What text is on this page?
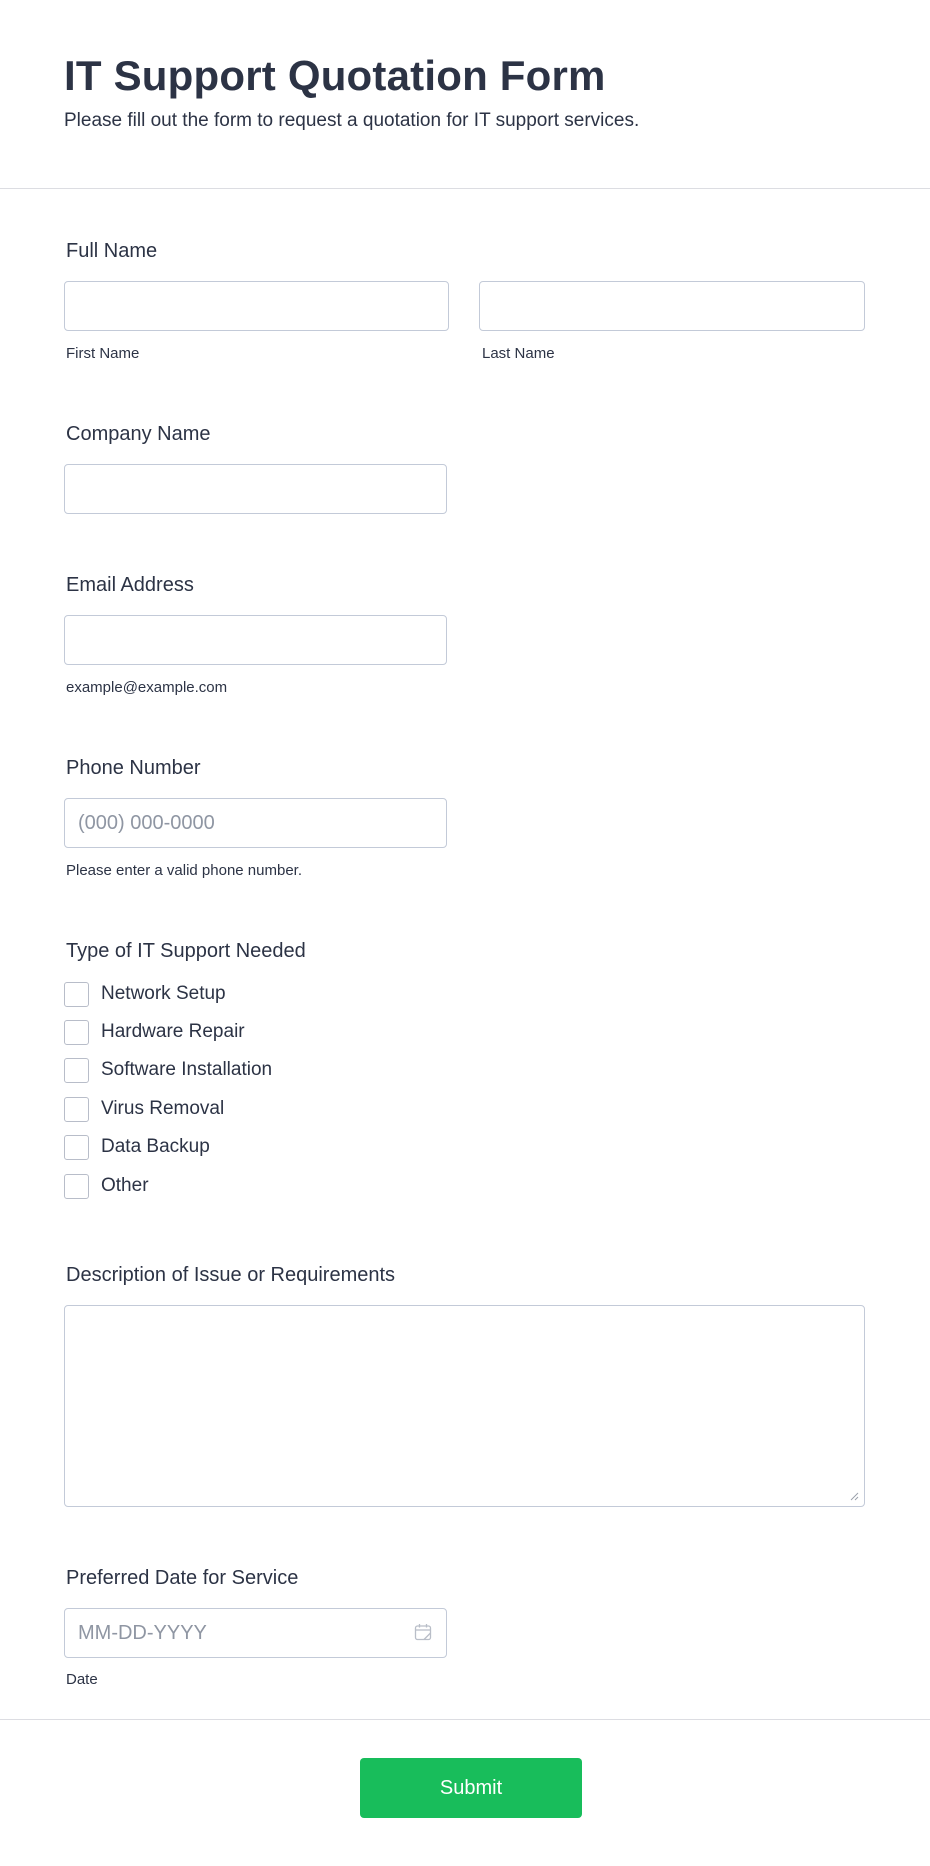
IT Support Quotation Form

Please fill out the form to request a quotation for IT support services.

Full Name
First Name	Last Name
Company Name
Email Address
example@example.com
Phone Number
(000) 000-0000
Please enter a valid phone number.
Type of IT Support Needed
Network Setup
Hardware Repair
Software Installation
Virus Removal
Data Backup
Other
Description of Issue or Requirements
Preferred Date for Service
MM-DD-YYYY
Date
Submit
